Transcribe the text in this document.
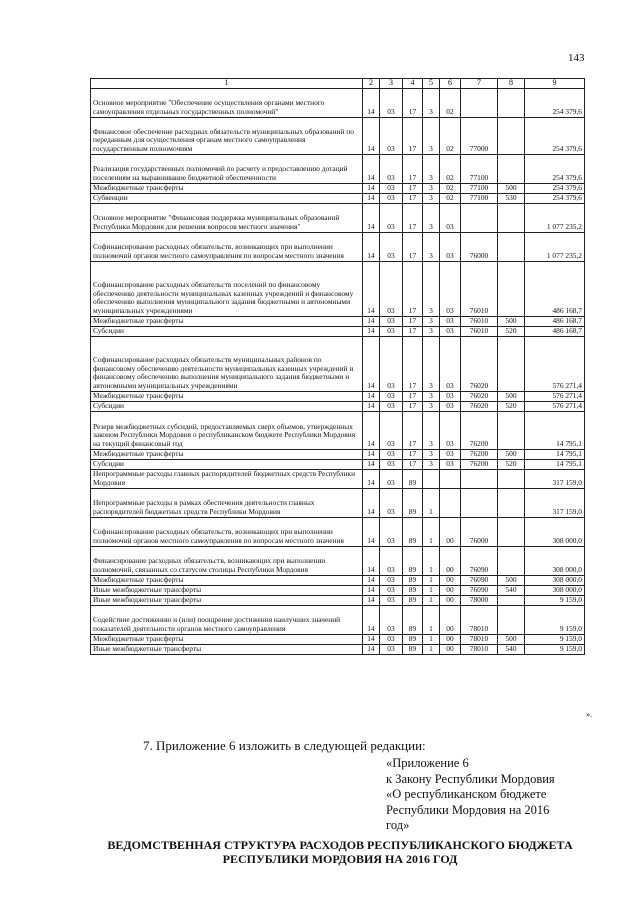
143
1	2	3	4	5	6	7	8	9
Основное мероприятие "Обеспечение осуществления органами местного самоуправления отдельных государственных полномочий"	14	03	17	3	02			254 379,6
Финансовое обеспечение расходных обязательств муниципальных образований по переданным для осуществления органам местного самоуправления государственным полномочиям	14	03	17	3	02	77000		254 379,6
Реализация государственных полномочий по расчету и предоставлению дотаций поселениям на выравнивание бюджетной обеспеченности	14	03	17	3	02	77100		254 379,6
Межбюджетные трансферты	14	03	17	3	02	77100	500	254 379,6
Субвенции	14	03	17	3	02	77100	530	254 379,6
Основное мероприятие "Финансовая поддержка муниципальных образований Республики Мордовия для решения вопросов местного значения"	14	03	17	3	03			1 077 235,2
Софинансирование расходных обязательств, возникающих при выполнении полномочий органов местного самоуправления по вопросам местного значения	14	03	17	3	03	76000		1 077 235,2
Софинансирование расходных обязательств поселений по финансовому обеспечению деятельности муниципальных казенных учреждений и финансовому обеспечению выполнения муниципального задания бюджетными и автономными муниципальных учреждениями	14	03	17	3	03	76010		486 168,7
Межбюджетные трансферты	14	03	17	3	03	76010	500	486 168,7
Субсидии	14	03	17	3	03	76010	520	486 168,7
Софинансирование расходных обязательств муниципальных районов по финансовому обеспечению деятельности муниципальных казенных учреждений и финансовому обеспечению выполнения муниципального задания бюджетными и автономными муниципальных учреждениями	14	03	17	3	03	76020		576 271,4
Межбюджетные трансферты	14	03	17	3	03	76020	500	576 271,4
Субсидии	14	03	17	3	03	76020	520	576 271,4
Резерв межбюджетных субсидий, предоставляемых сверх объемов, утвержденных законом Республики Мордовия о республиканском бюджете Республики Мордовия на текущий финансовый год	14	03	17	3	03	76200		14 795,1
Межбюджетные трансферты	14	03	17	3	03	76200	500	14 795,1
Субсидии	14	03	17	3	03	76200	520	14 795,1
Непрограммные расходы главных распорядителей бюджетных средств Республики Мордовия	14	03	89					317 159,0
Непрограммные расходы в рамках обеспечения деятельности главных распорядителей бюджетных средств Республики Мордовия	14	03	89	1				317 159,0
Софинансирование расходных обязательств, возникающих при выполнении полномочий органов местного самоуправления по вопросам местного значения	14	03	89	1	00	76000		308 000,0
Финансирование расходных обязательств, возникающих при выполнении полномочий, связанных со статусом столицы Республики Мордовия	14	03	89	1	00	76090		308 000,0
Межбюджетные трансферты	14	03	89	1	00	76090	500	308 000,0
Иные межбюджетные трансферты	14	03	89	1	00	76090	540	308 000,0
Иные межбюджетные трансферты	14	03	89	1	00	78000		9 159,0
Содействие достижению и (или) поощрение достижения наилучших значений показателей деятельности органов местного самоуправления	14	03	89	1	00	78010		9 159,0
Межбюджетные трансферты	14	03	89	1	00	78010	500	9 159,0
Иные межбюджетные трансферты	14	03	89	1	00	78010	540	9 159,0
».
7. Приложение 6 изложить в следующей редакции:
«Приложение 6
к Закону Республики Мордовия
«О республиканском бюджете
Республики Мордовия на 2016
год»
ВЕДОМСТВЕННАЯ СТРУКТУРА РАСХОДОВ РЕСПУБЛИКАНСКОГО БЮДЖЕТА
РЕСПУБЛИКИ МОРДОВИЯ НА 2016 ГОД
